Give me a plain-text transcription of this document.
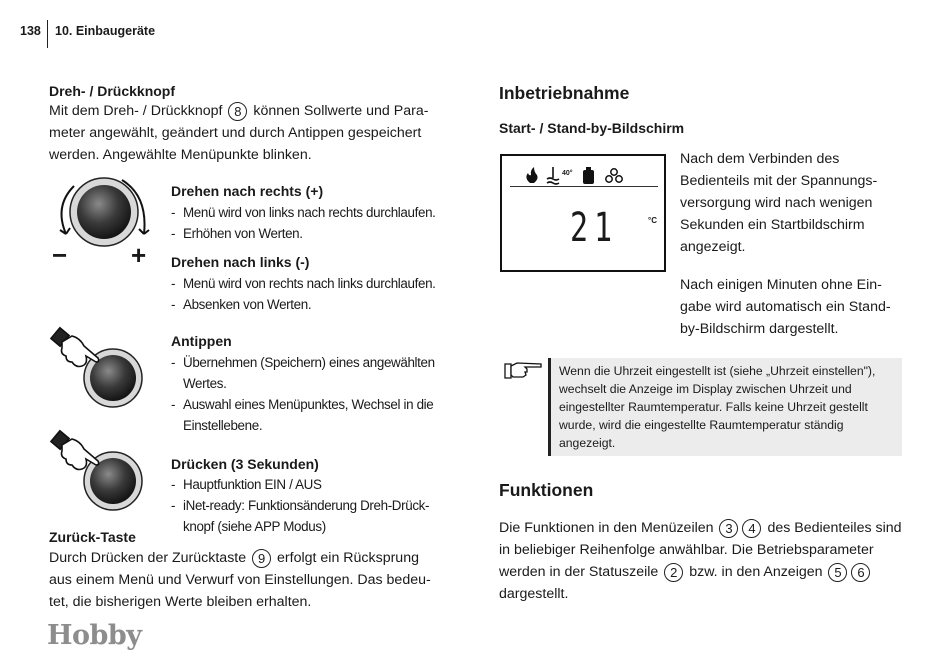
138 10. Einbaugeräte
Dreh- / Drückknopf
Mit dem Dreh- / Drückknopf 8 können Sollwerte und Para-
meter angewählt, geändert und durch Antippen gespeichert
werden. Angewählte Menüpunkte blinken.
− +
Drehen nach rechts (+)
- Menü wird von links nach rechts durchlaufen.
- Erhöhen von Werten.
Drehen nach links (-)
- Menü wird von rechts nach links durchlaufen.
- Absenken von Werten.
Antippen
- Übernehmen (Speichern) eines angewählten
Wertes.
- Auswahl eines Menüpunktes, Wechsel in die
Einstellebene.
Drücken (3 Sekunden)
- Hauptfunktion EIN / AUS
- iNet-ready: Funktionsänderung Dreh-Drück-
knopf (siehe APP Modus)
Zurück-Taste
Durch Drücken der Zurücktaste 9 erfolgt ein Rücksprung
aus einem Menü und Verwurf von Einstellungen. Das bedeu-
tet, die bisherigen Werte bleiben erhalten.
Hobby
Inbetriebnahme
Start- / Stand-by-Bildschirm
40°
21	°C
Nach dem Verbinden des
Bedienteils mit der Spannungs-
versorgung wird nach wenigen
Sekunden ein Startbildschirm
angezeigt.
Nach einigen Minuten ohne Ein-
gabe wird automatisch ein Stand-
by-Bildschirm dargestellt.
Wenn die Uhrzeit eingestellt ist (siehe „Uhrzeit einstellen"),
wechselt die Anzeige im Display zwischen Uhrzeit und
eingestellter Raumtemperatur. Falls keine Uhrzeit gestellt
wurde, wird die eingestellte Raumtemperatur ständig
angezeigt.
Funktionen
Die Funktionen in den Menüzeilen 3 4 des Bedienteiles sind
in beliebiger Reihenfolge anwählbar. Die Betriebsparameter
werden in der Statuszeile 2 bzw. in den Anzeigen 5 6
dargestellt.
